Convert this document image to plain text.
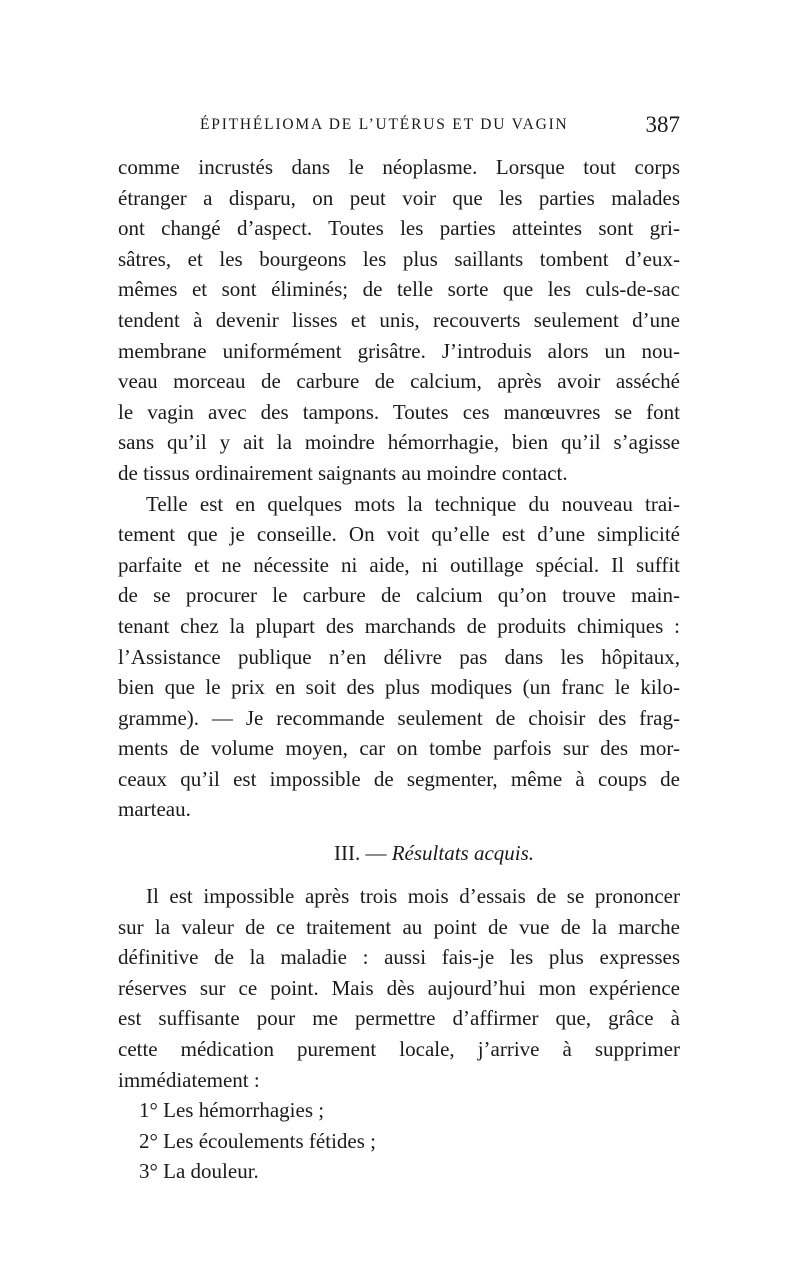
ÉPITHÉLIOMA DE L’UTÉRUS ET DU VAGIN	387
comme incrustés dans le néoplasme. Lorsque tout corps
étranger a disparu, on peut voir que les parties malades
ont changé d’aspect. Toutes les parties atteintes sont gri-
sâtres, et les bourgeons les plus saillants tombent d’eux-
mêmes et sont éliminés; de telle sorte que les culs-de-sac
tendent à devenir lisses et unis, recouverts seulement d’une
membrane uniformément grisâtre. J’introduis alors un nou-
veau morceau de carbure de calcium, après avoir asséché
le vagin avec des tampons. Toutes ces manœuvres se font
sans qu’il y ait la moindre hémorrhagie, bien qu’il s’agisse
de tissus ordinairement saignants au moindre contact.
Telle est en quelques mots la technique du nouveau trai-
tement que je conseille. On voit qu’elle est d’une simplicité
parfaite et ne nécessite ni aide, ni outillage spécial. Il suffit
de se procurer le carbure de calcium qu’on trouve main-
tenant chez la plupart des marchands de produits chimiques :
l’Assistance publique n’en délivre pas dans les hôpitaux,
bien que le prix en soit des plus modiques (un franc le kilo-
gramme). — Je recommande seulement de choisir des frag-
ments de volume moyen, car on tombe parfois sur des mor-
ceaux qu’il est impossible de segmenter, même à coups de
marteau.
III. — Résultats acquis.
Il est impossible après trois mois d’essais de se prononcer
sur la valeur de ce traitement au point de vue de la marche
définitive de la maladie : aussi fais-je les plus expresses
réserves sur ce point. Mais dès aujourd’hui mon expérience
est suffisante pour me permettre d’affirmer que, grâce à
cette médication purement locale, j’arrive à supprimer
immédiatement :
1° Les hémorrhagies ;
2° Les écoulements fétides ;
3° La douleur.
